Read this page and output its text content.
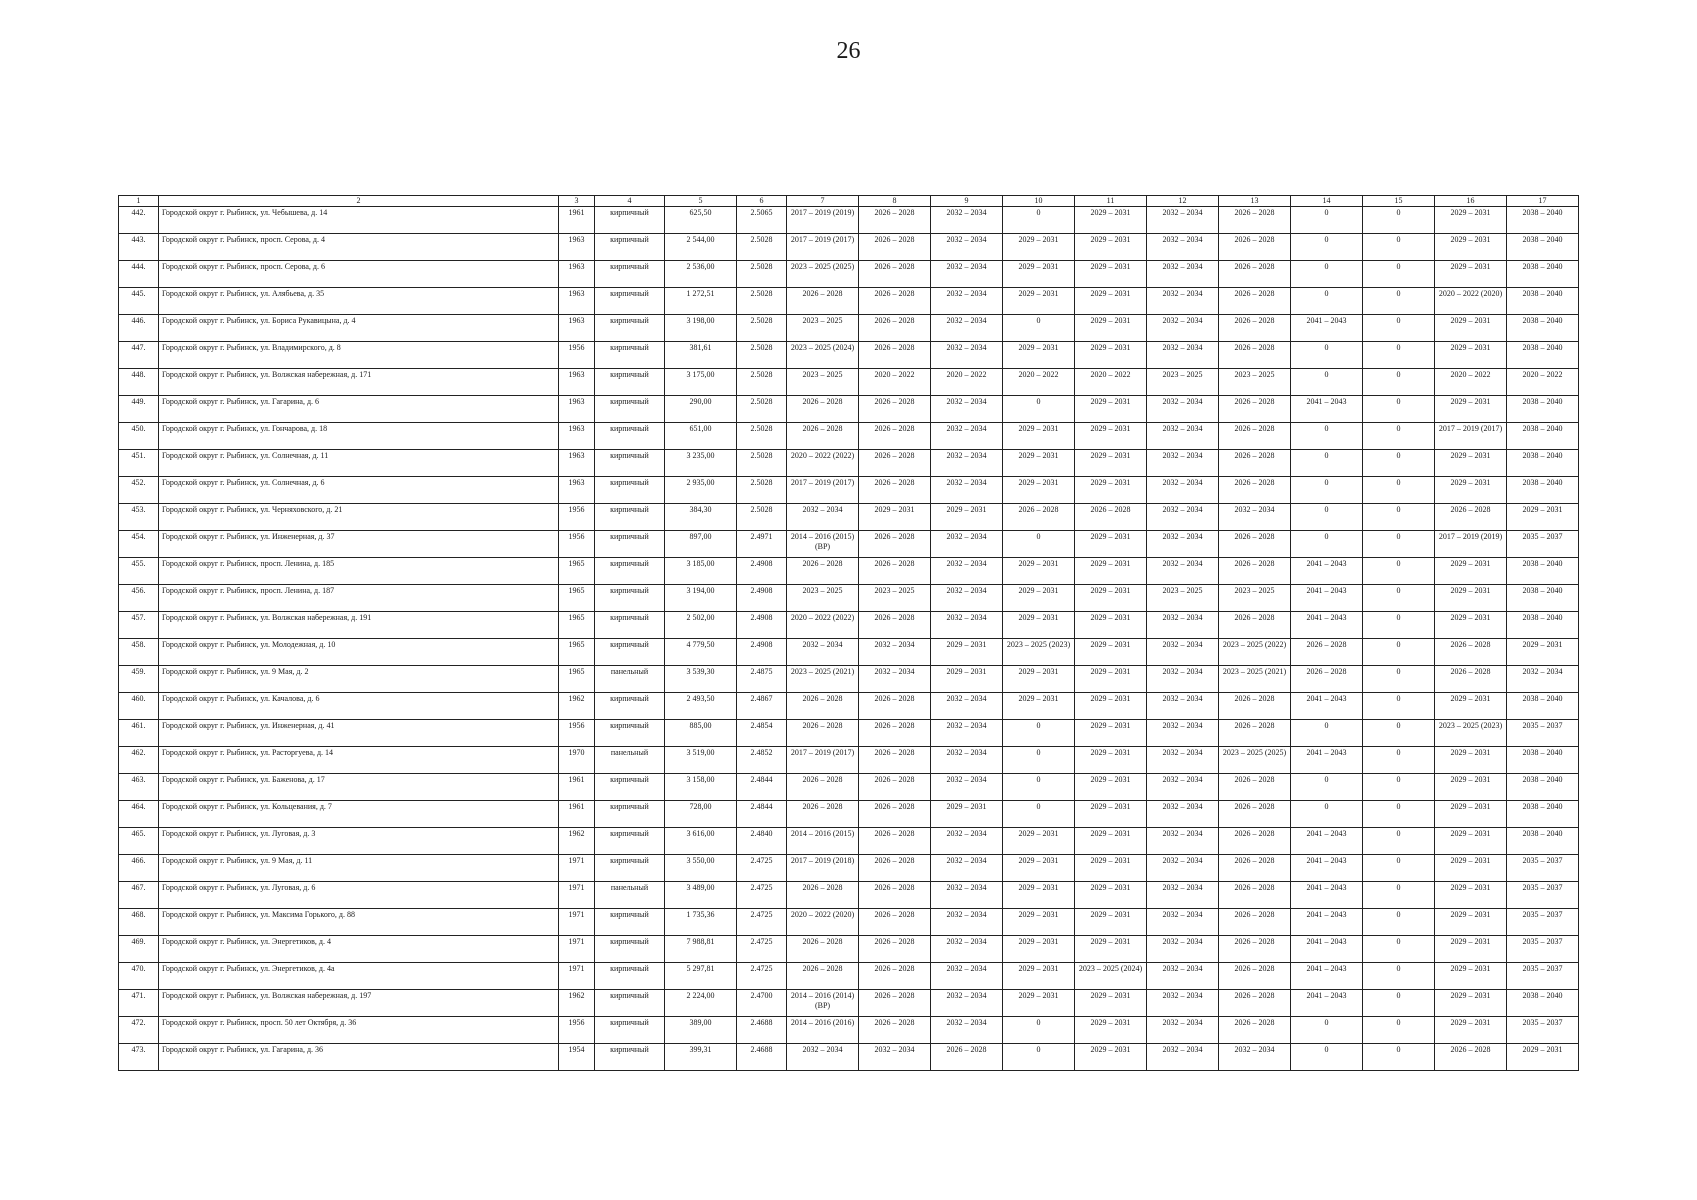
26
1	2	3	4	5	6	7	8	9	10	11	12	13	14	15	16	17
442.	Городской округ г. Рыбинск, ул. Чебышева, д. 14	1961	кирпичный	625,50	2.5065	2017 – 2019 (2019)	2026 – 2028	2032 – 2034	0	2029 – 2031	2032 – 2034	2026 – 2028	0	0	2029 – 2031	2038 – 2040
443.	Городской округ г. Рыбинск, просп. Серова, д. 4	1963	кирпичный	2 544,00	2.5028	2017 – 2019 (2017)	2026 – 2028	2032 – 2034	2029 – 2031	2029 – 2031	2032 – 2034	2026 – 2028	0	0	2029 – 2031	2038 – 2040
444.	Городской округ г. Рыбинск, просп. Серова, д. 6	1963	кирпичный	2 536,00	2.5028	2023 – 2025 (2025)	2026 – 2028	2032 – 2034	2029 – 2031	2029 – 2031	2032 – 2034	2026 – 2028	0	0	2029 – 2031	2038 – 2040
445.	Городской округ г. Рыбинск, ул. Алябьева, д. 35	1963	кирпичный	1 272,51	2.5028	2026 – 2028	2026 – 2028	2032 – 2034	2029 – 2031	2029 – 2031	2032 – 2034	2026 – 2028	0	0	2020 – 2022 (2020)	2038 – 2040
446.	Городской округ г. Рыбинск, ул. Бориса Рукавицына, д. 4	1963	кирпичный	3 198,00	2.5028	2023 – 2025	2026 – 2028	2032 – 2034	0	2029 – 2031	2032 – 2034	2026 – 2028	2041 – 2043	0	2029 – 2031	2038 – 2040
447.	Городской округ г. Рыбинск, ул. Владимирского, д. 8	1956	кирпичный	381,61	2.5028	2023 – 2025 (2024)	2026 – 2028	2032 – 2034	2029 – 2031	2029 – 2031	2032 – 2034	2026 – 2028	0	0	2029 – 2031	2038 – 2040
448.	Городской округ г. Рыбинск, ул. Волжская набережная, д. 171	1963	кирпичный	3 175,00	2.5028	2023 – 2025	2020 – 2022	2020 – 2022	2020 – 2022	2020 – 2022	2023 – 2025	2023 – 2025	0	0	2020 – 2022	2020 – 2022
449.	Городской округ г. Рыбинск, ул. Гагарина, д. 6	1963	кирпичный	290,00	2.5028	2026 – 2028	2026 – 2028	2032 – 2034	0	2029 – 2031	2032 – 2034	2026 – 2028	2041 – 2043	0	2029 – 2031	2038 – 2040
450.	Городской округ г. Рыбинск, ул. Гончарова, д. 18	1963	кирпичный	651,00	2.5028	2026 – 2028	2026 – 2028	2032 – 2034	2029 – 2031	2029 – 2031	2032 – 2034	2026 – 2028	0	0	2017 – 2019 (2017)	2038 – 2040
451.	Городской округ г. Рыбинск, ул. Солнечная, д. 11	1963	кирпичный	3 235,00	2.5028	2020 – 2022 (2022)	2026 – 2028	2032 – 2034	2029 – 2031	2029 – 2031	2032 – 2034	2026 – 2028	0	0	2029 – 2031	2038 – 2040
452.	Городской округ г. Рыбинск, ул. Солнечная, д. 6	1963	кирпичный	2 935,00	2.5028	2017 – 2019 (2017)	2026 – 2028	2032 – 2034	2029 – 2031	2029 – 2031	2032 – 2034	2026 – 2028	0	0	2029 – 2031	2038 – 2040
453.	Городской округ г. Рыбинск, ул. Черняховского, д. 21	1956	кирпичный	384,30	2.5028	2032 – 2034	2029 – 2031	2029 – 2031	2026 – 2028	2026 – 2028	2032 – 2034	2032 – 2034	0	0	2026 – 2028	2029 – 2031
454.	Городской округ г. Рыбинск, ул. Инженерная, д. 37	1956	кирпичный	897,00	2.4971	2014 – 2016 (2015) (ВР)	2026 – 2028	2032 – 2034	0	2029 – 2031	2032 – 2034	2026 – 2028	0	0	2017 – 2019 (2019)	2035 – 2037
455.	Городской округ г. Рыбинск, просп. Ленина, д. 185	1965	кирпичный	3 185,00	2.4908	2026 – 2028	2026 – 2028	2032 – 2034	2029 – 2031	2029 – 2031	2032 – 2034	2026 – 2028	2041 – 2043	0	2029 – 2031	2038 – 2040
456.	Городской округ г. Рыбинск, просп. Ленина, д. 187	1965	кирпичный	3 194,00	2.4908	2023 – 2025	2023 – 2025	2032 – 2034	2029 – 2031	2029 – 2031	2023 – 2025	2023 – 2025	2041 – 2043	0	2029 – 2031	2038 – 2040
457.	Городской округ г. Рыбинск, ул. Волжская набережная, д. 191	1965	кирпичный	2 502,00	2.4908	2020 – 2022 (2022)	2026 – 2028	2032 – 2034	2029 – 2031	2029 – 2031	2032 – 2034	2026 – 2028	2041 – 2043	0	2029 – 2031	2038 – 2040
458.	Городской округ г. Рыбинск, ул. Молодежная, д. 10	1965	кирпичный	4 779,50	2.4908	2032 – 2034	2032 – 2034	2029 – 2031	2023 – 2025 (2023)	2029 – 2031	2032 – 2034	2023 – 2025 (2022)	2026 – 2028	0	2026 – 2028	2029 – 2031
459.	Городской округ г. Рыбинск, ул. 9 Мая, д. 2	1965	панельный	3 539,30	2.4875	2023 – 2025 (2021)	2032 – 2034	2029 – 2031	2029 – 2031	2029 – 2031	2032 – 2034	2023 – 2025 (2021)	2026 – 2028	0	2026 – 2028	2032 – 2034
460.	Городской округ г. Рыбинск, ул. Качалова, д. 6	1962	кирпичный	2 493,50	2.4867	2026 – 2028	2026 – 2028	2032 – 2034	2029 – 2031	2029 – 2031	2032 – 2034	2026 – 2028	2041 – 2043	0	2029 – 2031	2038 – 2040
461.	Городской округ г. Рыбинск, ул. Инженерная, д. 41	1956	кирпичный	885,00	2.4854	2026 – 2028	2026 – 2028	2032 – 2034	0	2029 – 2031	2032 – 2034	2026 – 2028	0	0	2023 – 2025 (2023)	2035 – 2037
462.	Городской округ г. Рыбинск, ул. Расторгуева, д. 14	1970	панельный	3 519,00	2.4852	2017 – 2019 (2017)	2026 – 2028	2032 – 2034	0	2029 – 2031	2032 – 2034	2023 – 2025 (2025)	2041 – 2043	0	2029 – 2031	2038 – 2040
463.	Городской округ г. Рыбинск, ул. Баженова, д. 17	1961	кирпичный	3 158,00	2.4844	2026 – 2028	2026 – 2028	2032 – 2034	0	2029 – 2031	2032 – 2034	2026 – 2028	0	0	2029 – 2031	2038 – 2040
464.	Городской округ г. Рыбинск, ул. Кольцевания, д. 7	1961	кирпичный	728,00	2.4844	2026 – 2028	2026 – 2028	2029 – 2031	0	2029 – 2031	2032 – 2034	2026 – 2028	0	0	2029 – 2031	2038 – 2040
465.	Городской округ г. Рыбинск, ул. Луговая, д. 3	1962	кирпичный	3 616,00	2.4840	2014 – 2016 (2015)	2026 – 2028	2032 – 2034	2029 – 2031	2029 – 2031	2032 – 2034	2026 – 2028	2041 – 2043	0	2029 – 2031	2038 – 2040
466.	Городской округ г. Рыбинск, ул. 9 Мая, д. 11	1971	кирпичный	3 550,00	2.4725	2017 – 2019 (2018)	2026 – 2028	2032 – 2034	2029 – 2031	2029 – 2031	2032 – 2034	2026 – 2028	2041 – 2043	0	2029 – 2031	2035 – 2037
467.	Городской округ г. Рыбинск, ул. Луговая, д. 6	1971	панельный	3 489,00	2.4725	2026 – 2028	2026 – 2028	2032 – 2034	2029 – 2031	2029 – 2031	2032 – 2034	2026 – 2028	2041 – 2043	0	2029 – 2031	2035 – 2037
468.	Городской округ г. Рыбинск, ул. Максима Горького, д. 88	1971	кирпичный	1 735,36	2.4725	2020 – 2022 (2020)	2026 – 2028	2032 – 2034	2029 – 2031	2029 – 2031	2032 – 2034	2026 – 2028	2041 – 2043	0	2029 – 2031	2035 – 2037
469.	Городской округ г. Рыбинск, ул. Энергетиков, д. 4	1971	кирпичный	7 988,81	2.4725	2026 – 2028	2026 – 2028	2032 – 2034	2029 – 2031	2029 – 2031	2032 – 2034	2026 – 2028	2041 – 2043	0	2029 – 2031	2035 – 2037
470.	Городской округ г. Рыбинск, ул. Энергетиков, д. 4а	1971	кирпичный	5 297,81	2.4725	2026 – 2028	2026 – 2028	2032 – 2034	2029 – 2031	2023 – 2025 (2024)	2032 – 2034	2026 – 2028	2041 – 2043	0	2029 – 2031	2035 – 2037
471.	Городской округ г. Рыбинск, ул. Волжская набережная, д. 197	1962	кирпичный	2 224,00	2.4700	2014 – 2016 (2014) (ВР)	2026 – 2028	2032 – 2034	2029 – 2031	2029 – 2031	2032 – 2034	2026 – 2028	2041 – 2043	0	2029 – 2031	2038 – 2040
472.	Городской округ г. Рыбинск, просп. 50 лет Октября, д. 36	1956	кирпичный	389,00	2.4688	2014 – 2016 (2016)	2026 – 2028	2032 – 2034	0	2029 – 2031	2032 – 2034	2026 – 2028	0	0	2029 – 2031	2035 – 2037
473.	Городской округ г. Рыбинск, ул. Гагарина, д. 36	1954	кирпичный	399,31	2.4688	2032 – 2034	2032 – 2034	2026 – 2028	0	2029 – 2031	2032 – 2034	2032 – 2034	0	0	2026 – 2028	2029 – 2031
